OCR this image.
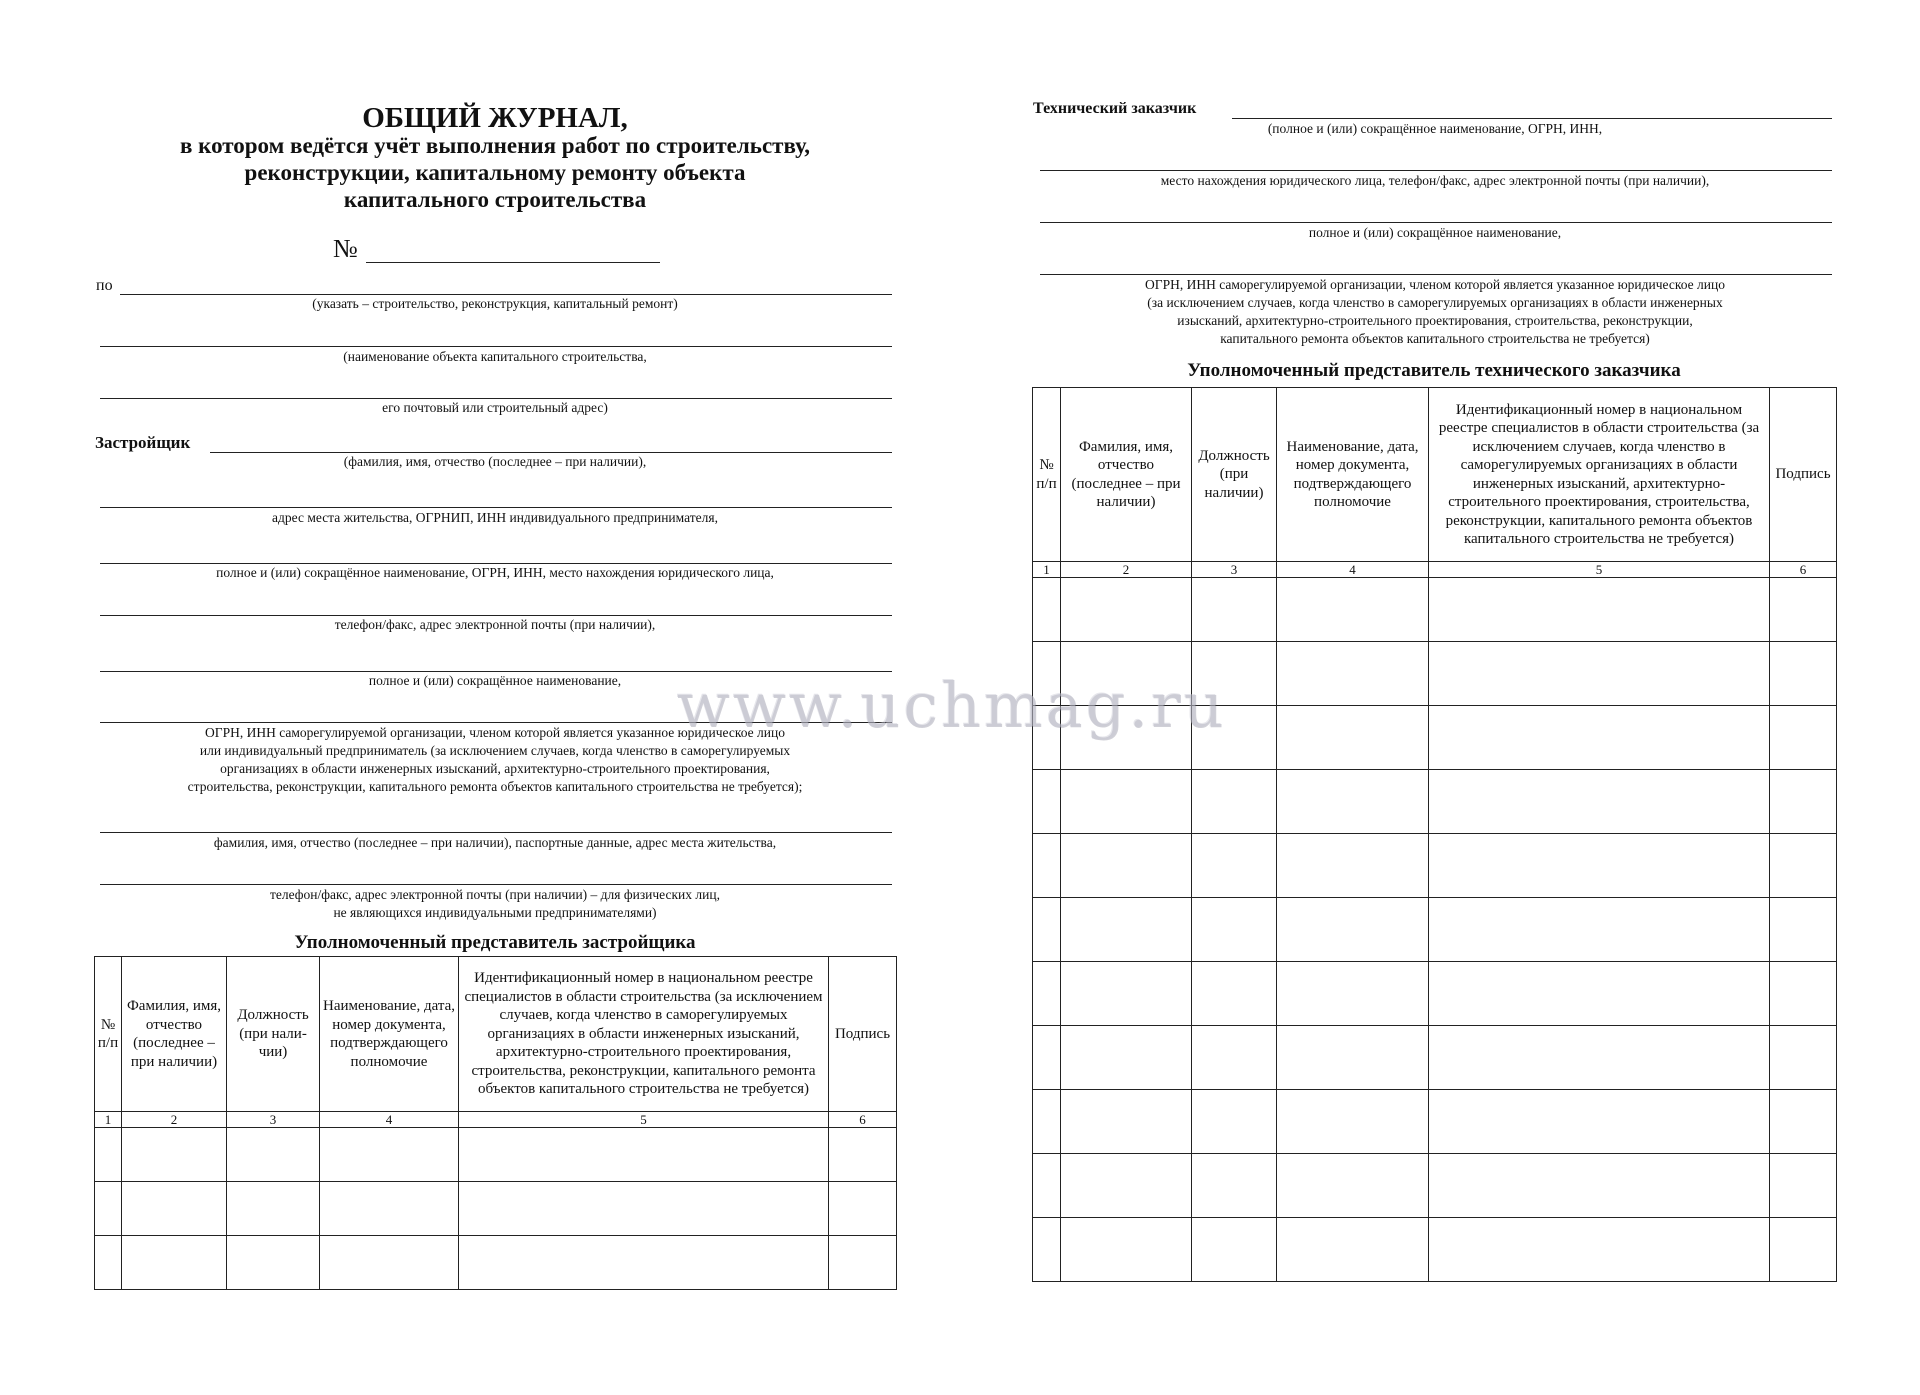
ОБЩИЙ ЖУРНАЛ,
в котором ведётся учёт выполнения работ по строительству,
реконструкции, капитальному ремонту объекта
капитального строительства
№
по
(указать – строительство, реконструкция, капитальный ремонт)
(наименование объекта капитального строительства,
его почтовый или строительный адрес)
Застройщик
(фамилия, имя, отчество (последнее – при наличии),
адрес места жительства, ОГРНИП, ИНН индивидуального предпринимателя,
полное и (или) сокращённое наименование, ОГРН, ИНН, место нахождения юридического лица,
телефон/факс, адрес электронной почты (при наличии),
полное и (или) сокращённое наименование,
ОГРН, ИНН саморегулируемой организации, членом которой является указанное юридическое лицо
или индивидуальный предприниматель (за исключением случаев, когда членство в саморегулируемых
организациях в области инженерных изысканий, архитектурно-строительного проектирования,
строительства, реконструкции, капитального ремонта объектов капитального строительства не требуется);
фамилия, имя, отчество (последнее – при наличии), паспортные данные, адрес места жительства,
телефон/факс, адрес электронной почты (при наличии) – для физических лиц,
не являющихся индивидуальными предпринимателями)
Уполномоченный представитель застройщика
№ п/п	Фамилия, имя, отчество (последнее – при наличии)	Должность (при нали-чии)	Наименование, дата, номер документа, подтверждающего полномочие	Идентификационный номер в национальном реестре специалистов в области строительства (за исключением случаев, когда членство в саморегулируемых организациях в области инженерных изысканий, архитектурно-строительного проектирования, строительства, реконструкции, капитального ремонта объектов капитального строительства не требуется)	Подпись
1	2	3	4	5	6

Технический заказчик
(полное и (или) сокращённое наименование, ОГРН, ИНН,
место нахождения юридического лица, телефон/факс, адрес электронной почты (при наличии),
полное и (или) сокращённое наименование,
ОГРН, ИНН саморегулируемой организации, членом которой является указанное юридическое лицо
(за исключением случаев, когда членство в саморегулируемых организациях в области инженерных
изысканий, архитектурно-строительного проектирования, строительства, реконструкции,
капитального ремонта объектов капитального строительства не требуется)
Уполномоченный представитель технического заказчика
№ п/п	Фамилия, имя, отчество (последнее – при наличии)	Должность (при наличии)	Наименование, дата, номер документа, подтверждающего полномочие	Идентификационный номер в национальном реестре специалистов в области строительства (за исключением случаев, когда членство в саморегулируемых организациях в области инженерных изысканий, архитектурно-строительного проектирования, строительства, реконструкции, капитального ремонта объектов капитального строительства не требуется)	Подпись
1	2	3	4	5	6

www.uchmag.ru
